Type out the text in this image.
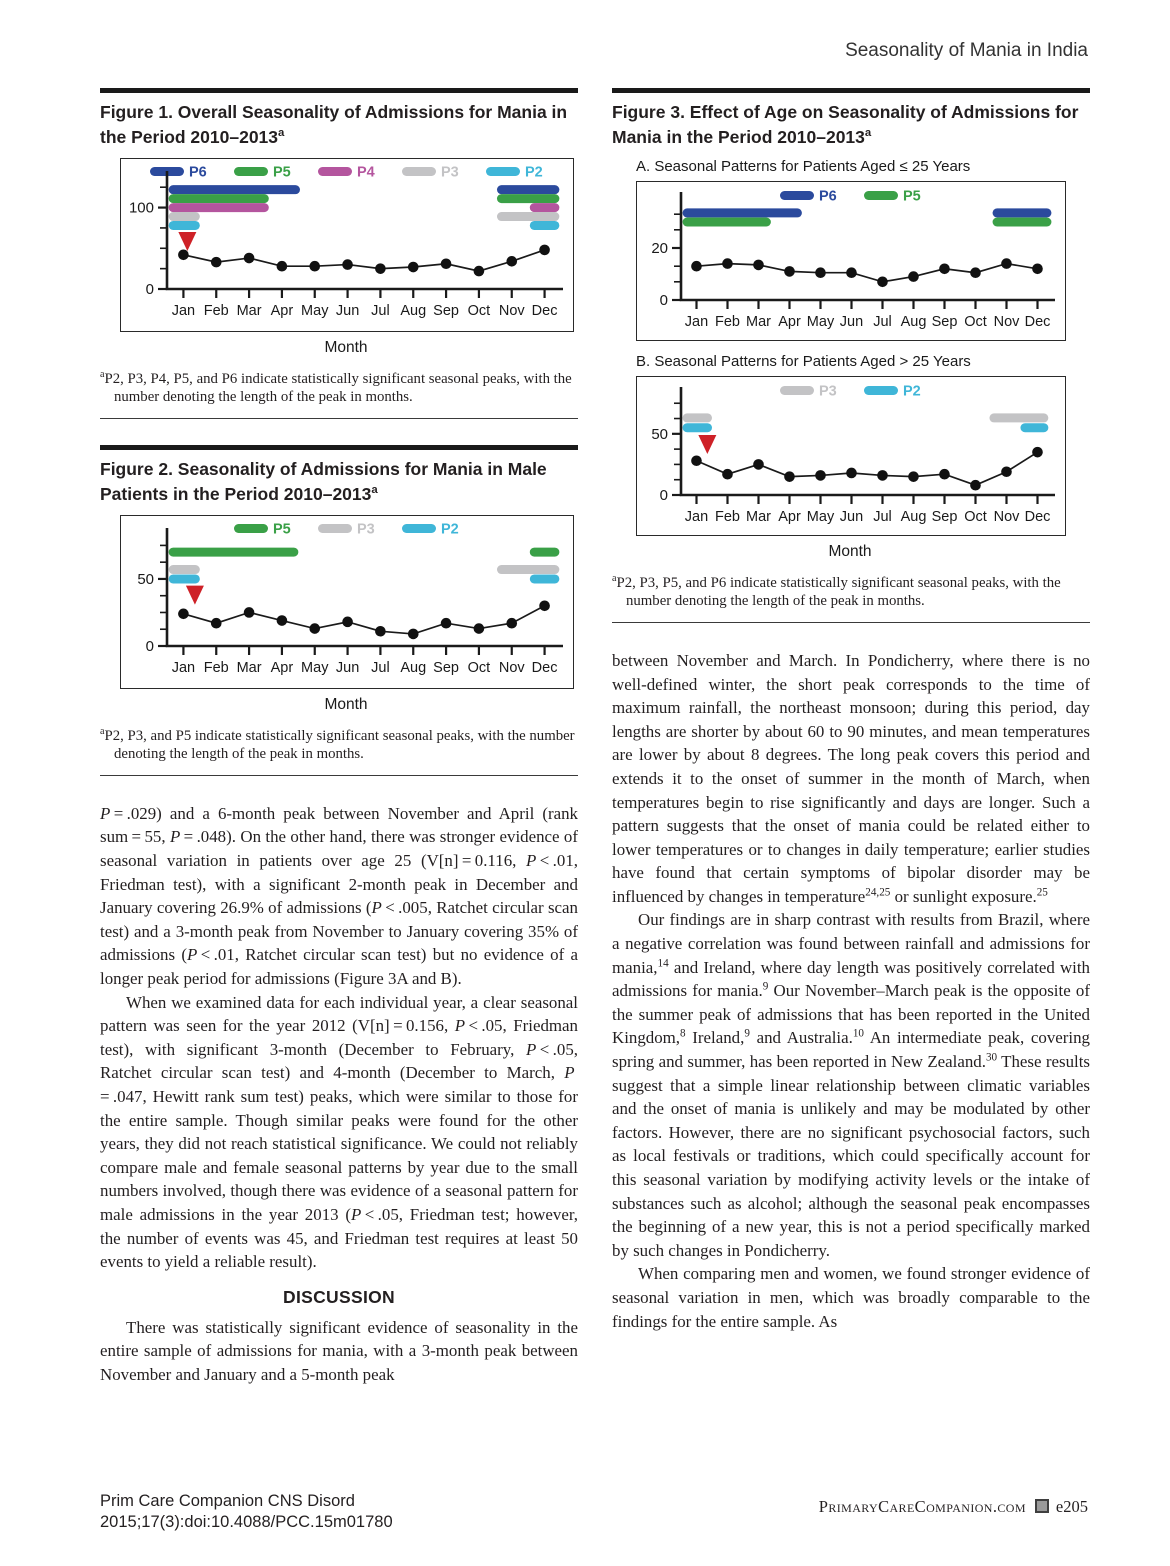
Seasonality of Mania in India
Figure 1. Overall Seasonality of Admissions for Mania in the Period 2010–2013$^a$
P6	P5	P4	P3	P2
0
100
Jan Feb Mar Apr May Jun Jul Aug Sep Oct Nov Dec
Month
$^a$P2, P3, P4, P5, and P6 indicate statistically significant seasonal peaks, with the number denoting the length of the peak in months.
Figure 2. Seasonality of Admissions for Mania in Male Patients in the Period 2010–2013$^a$
P5	P3	P2
0
50
Jan Feb Mar Apr May Jun Jul Aug Sep Oct Nov Dec
Month
$^a$P2, P3, and P5 indicate statistically significant seasonal peaks, with the number denoting the length of the peak in months.

P = .029) and a 6-month peak between November and April (rank sum = 55, P = .048). On the other hand, there was stronger evidence of seasonal variation in patients over age 25 (V[n] = 0.116, P < .01, Friedman test), with a significant 2-month peak in December and January covering 26.9% of admissions (P < .005, Ratchet circular scan test) and a 3-month peak from November to January covering 35% of admissions (P < .01, Ratchet circular scan test) but no evidence of a longer peak period for admissions (Figure 3A and B).

When we examined data for each individual year, a clear seasonal pattern was seen for the year 2012 (V[n] = 0.156, P < .05, Friedman test), with significant 3-month (December to February, P < .05, Ratchet circular scan test) and 4-month (December to March, P = .047, Hewitt rank sum test) peaks, which were similar to those for the entire sample. Though similar peaks were found for the other years, they did not reach statistical significance. We could not reliably compare male and female seasonal patterns by year due to the small numbers involved, though there was evidence of a seasonal pattern for male admissions in the year 2013 (P < .05, Friedman test; however, the number of events was 45, and Friedman test requires at least 50 events to yield a reliable result).

DISCUSSION

There was statistically significant evidence of seasonality in the entire sample of admissions for mania, with a 3-month peak between November and January and a 5-month peak

Figure 3. Effect of Age on Seasonality of Admissions for Mania in the Period 2010–2013$^a$
A. Seasonal Patterns for Patients Aged ≤ 25 Years
P6	P5
0
20
Jan Feb Mar Apr May Jun Jul Aug Sep Oct Nov Dec
B. Seasonal Patterns for Patients Aged > 25 Years
P3	P2
0
50
Jan Feb Mar Apr May Jun Jul Aug Sep Oct Nov Dec
Month
$^a$P2, P3, P5, and P6 indicate statistically significant seasonal peaks, with the number denoting the length of the peak in months.

between November and March. In Pondicherry, where there is no well-defined winter, the short peak corresponds to the time of maximum rainfall, the northeast monsoon; during this period, day lengths are shorter by about 60 to 90 minutes, and mean temperatures are lower by about 8 degrees. The long peak covers this period and extends it to the onset of summer in the month of March, when temperatures begin to rise significantly and days are longer. Such a pattern suggests that the onset of mania could be related either to lower temperatures or to changes in daily temperature; earlier studies have found that certain symptoms of bipolar disorder may be influenced by changes in temperature$^{24,25}$ or sunlight exposure.$^{25}$

Our findings are in sharp contrast with results from Brazil, where a negative correlation was found between rainfall and admissions for mania,$^{14}$ and Ireland, where day length was positively correlated with admissions for mania.$^9$ Our November–March peak is the opposite of the summer peak of admissions that has been reported in the United Kingdom,$^8$ Ireland,$^9$ and Australia.$^{10}$ An intermediate peak, covering spring and summer, has been reported in New Zealand.$^{30}$ These results suggest that a simple linear relationship between climatic variables and the onset of mania is unlikely and may be modulated by other factors. However, there are no significant psychosocial factors, such as local festivals or traditions, which could specifically account for this seasonal variation by modifying activity levels or the intake of substances such as alcohol; although the seasonal peak encompasses the beginning of a new year, this is not a period specifically marked by such changes in Pondicherry.

When comparing men and women, we found stronger evidence of seasonal variation in men, which was broadly comparable to the findings for the entire sample. As

Prim Care Companion CNS Disord
2015;17(3):doi:10.4088/PCC.15m01780
PrimaryCareCompanion.com e205
